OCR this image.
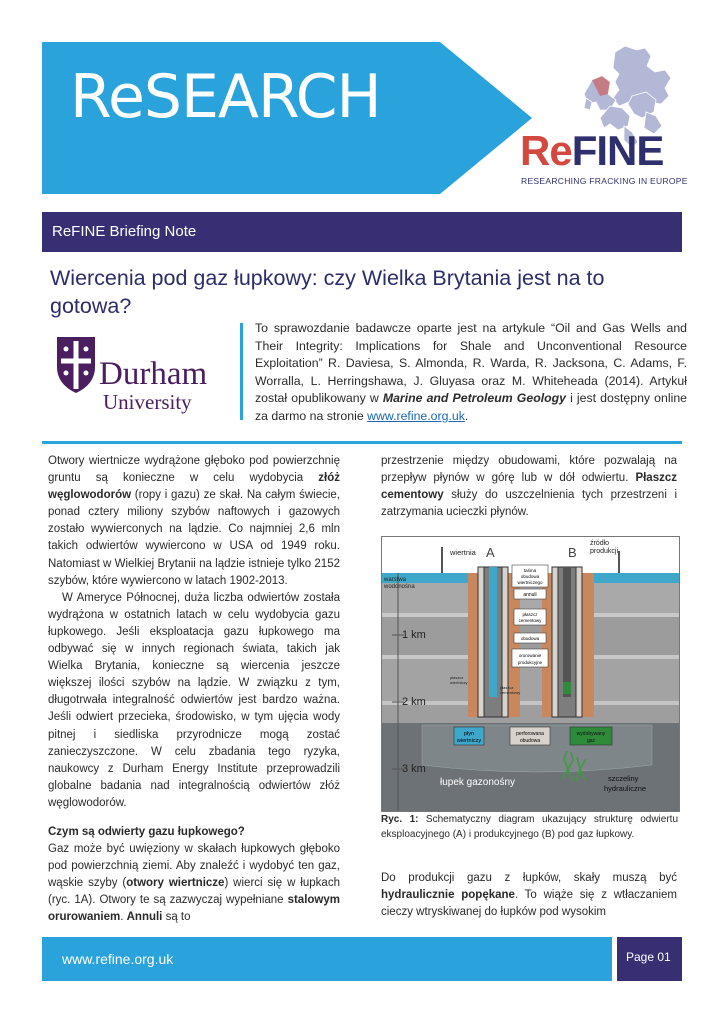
ReSEARCH
ReFINE
RESEARCHING FRACKING IN EUROPE
ReFINE Briefing Note
Wiercenia pod gaz łupkowy: czy Wielka Brytania jest na to gotowa?
Durham
University
To sprawozdanie badawcze oparte jest na artykule “Oil and Gas Wells and Their Integrity: Implications for Shale and Unconventional Resource Exploitation” R. Daviesa, S. Almonda, R. Warda, R. Jacksona, C. Adams, F. Worralla, L. Herringshawa, J. Gluyasa oraz M. Whiteheada (2014). Artykuł został opublikowany w Marine and Petroleum Geology i jest dostępny online za darmo na stronie www.refine.org.uk.

Otwory wiertnicze wydrążone głęboko pod powierzchnię gruntu są konieczne w celu wydobycia złóż węglowodorów (ropy i gazu) ze skał. Na całym świecie, ponad cztery miliony szybów naftowych i gazowych zostało wywierconych na lądzie. Co najmniej 2,6 mln takich odwiertów wywiercono w USA od 1949 roku. Natomiast w Wielkiej Brytanii na lądzie istnieje tylko 2152 szybów, które wywiercono w latach 1902-2013.

W Ameryce Północnej, duża liczba odwiertów została wydrążona w ostatnich latach w celu wydobycia gazu łupkowego. Jeśli eksploatacja gazu łupkowego ma odbywać się w innych regionach świata, takich jak Wielka Brytania, konieczne są wiercenia jeszcze większej ilości szybów na lądzie. W związku z tym, długotrwała integralność odwiertów jest bardzo ważna. Jeśli odwiert przecieka, środowisko, w tym ujęcia wody pitnej i siedliska przyrodnicze mogą zostać zanieczyszczone. W celu zbadania tego ryzyka, naukowcy z Durham Energy Institute przeprowadzili globalne badania nad integralnością odwiertów złóż węglowodorów.

Czym są odwierty gazu łupkowego?

Gaz może być uwięziony w skałach łupkowych głęboko pod powierzchnią ziemi. Aby znaleźć i wydobyć ten gaz, wąskie szyby (otwory wiertnicze) wierci się w łupkach (ryc. 1A). Otwory te są zazwyczaj wypełniane stalowym orurowaniem. Annuli są to

przestrzenie między obudowami, które pozwalają na przepływ płynów w górę lub w dół odwiertu. Płaszcz cementowy służy do uszczelnienia tych przestrzeni i zatrzymania ucieczki płynów.

1 km
2 km
3 km
warstwa
wodonośna
wiertnia A	B
źródło
produkcji
taśma
obudowa
wiertniczego
annuli
płaszcz
cementowy
obudowa
orurowanie
produkcyjne
płaszcz
wiertniczy
płaszcz
cementowy
płyn
wiertniczy
perforowana
obudowa
wydobywany
gaz
łupek gazonośny	szczeliny
hydrauliczne
Ryc. 1: Schematyczny diagram ukazujący strukturę odwiertu eksploacyjnego (A) i produkcyjnego (B) pod gaz łupkowy.
Do produkcji gazu z łupków, skały muszą być hydraulicznie popękane. To wiąże się z wtłaczaniem cieczy wtryskiwanej do łupków pod wysokim
www.refine.org.uk	Page 01
